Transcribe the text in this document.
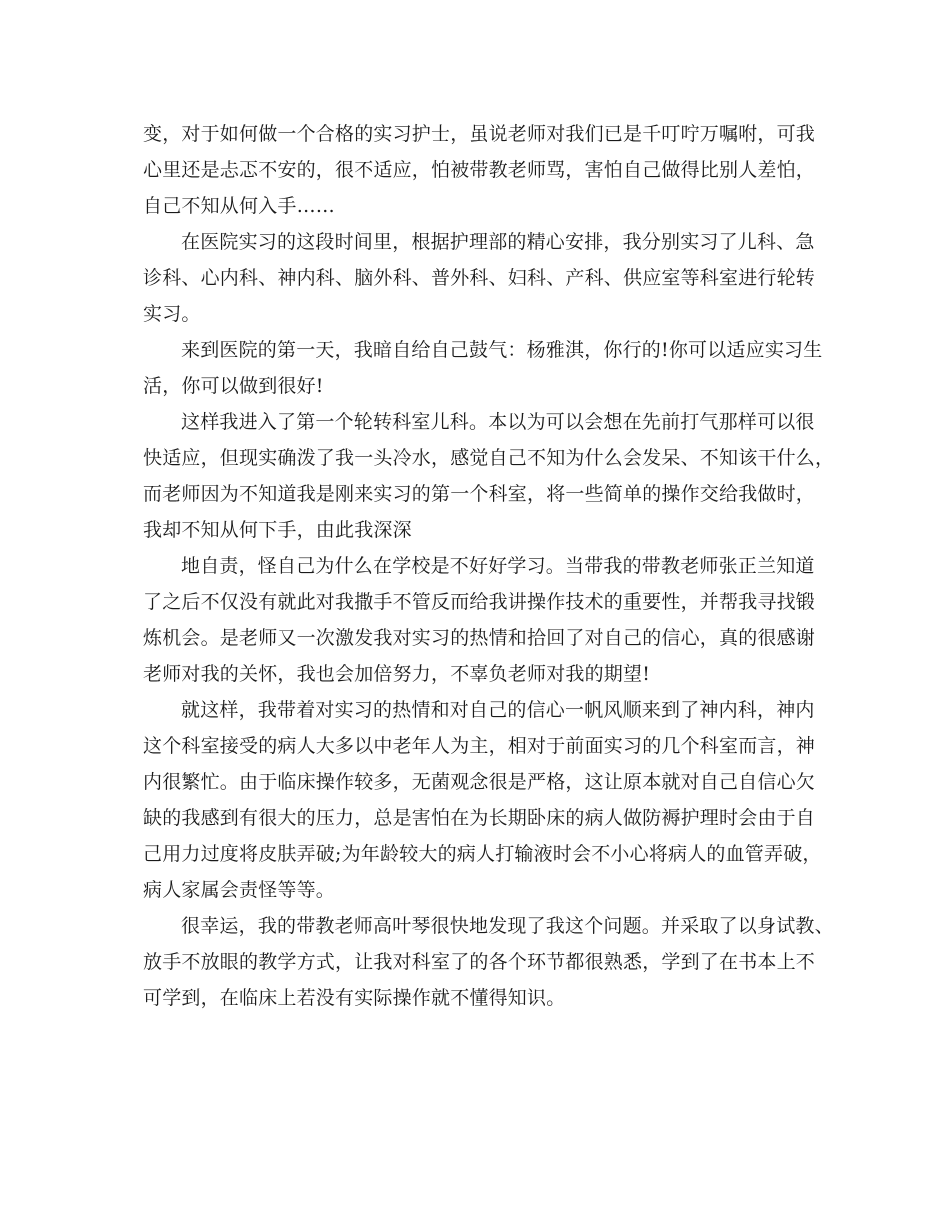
变，对于如何做一个合格的实习护士，虽说老师对我们已是千叮咛万嘱咐，可我
心里还是忐忑不安的，很不适应，怕被带教老师骂，害怕自己做得比别人差怕，
自己不知从何入手……
在医院实习的这段时间里，根据护理部的精心安排，我分别实习了儿科、急
诊科、心内科、神内科、脑外科、普外科、妇科、产科、供应室等科室进行轮转
实习。
来到医院的第一天，我暗自给自己鼓气：杨雅淇，你行的!你可以适应实习生
活，你可以做到很好!
这样我进入了第一个轮转科室儿科。本以为可以会想在先前打气那样可以很
快适应，但现实确泼了我一头冷水，感觉自己不知为什么会发呆、不知该干什么，
而老师因为不知道我是刚来实习的第一个科室，将一些简单的操作交给我做时，
我却不知从何下手，由此我深深
地自责，怪自己为什么在学校是不好好学习。当带我的带教老师张正兰知道
了之后不仅没有就此对我撒手不管反而给我讲操作技术的重要性，并帮我寻找锻
炼机会。是老师又一次激发我对实习的热情和拾回了对自己的信心，真的很感谢
老师对我的关怀，我也会加倍努力，不辜负老师对我的期望!
就这样，我带着对实习的热情和对自己的信心一帆风顺来到了神内科，神内
这个科室接受的病人大多以中老年人为主，相对于前面实习的几个科室而言，神
内很繁忙。由于临床操作较多，无菌观念很是严格，这让原本就对自己自信心欠
缺的我感到有很大的压力，总是害怕在为长期卧床的病人做防褥护理时会由于自
己用力过度将皮肤弄破;为年龄较大的病人打输液时会不小心将病人的血管弄破，
病人家属会责怪等等。
很幸运，我的带教老师高叶琴很快地发现了我这个问题。并采取了以身试教、
放手不放眼的教学方式，让我对科室了的各个环节都很熟悉，学到了在书本上不
可学到，在临床上若没有实际操作就不懂得知识。
